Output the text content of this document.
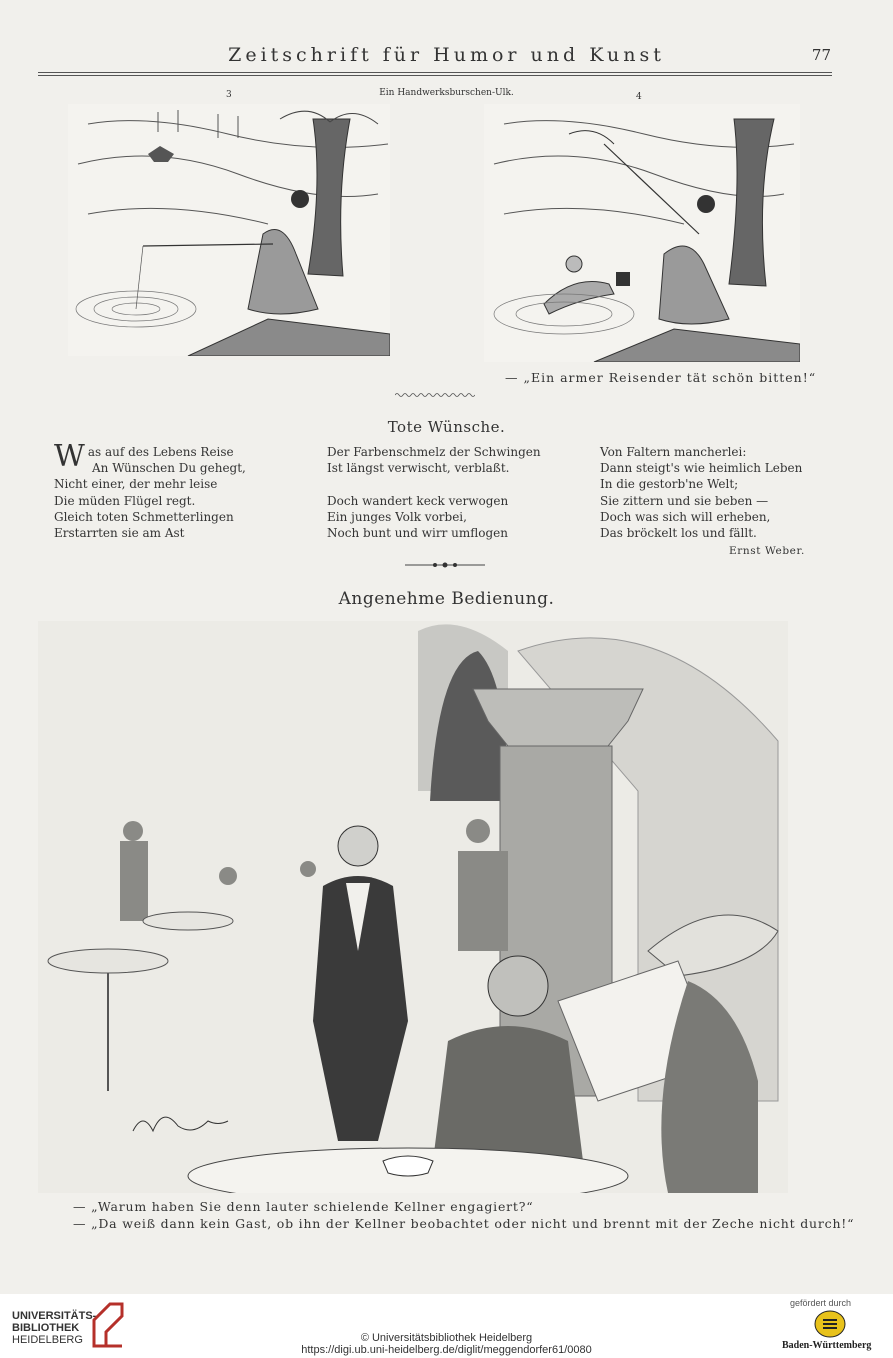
Zeitschrift für Humor und Kunst	77
3	Ein Handwerksburschen-Ulk.	4
— „Ein armer Reisender tät schön bitten!“
Tote Wünsche.
W as auf des Lebens Reise
An Wünschen Du gehegt,
Nicht einer, der mehr leise
Die müden Flügel regt.
Gleich toten Schmetterlingen
Erstarrten sie am Ast
Der Farbenschmelz der Schwingen
Ist längst verwischt, verblaßt.
Doch wandert keck verwogen
Ein junges Volk vorbei,
Noch bunt und wirr umflogen
Von Faltern mancherlei:
Dann steigt's wie heimlich Leben
In die gestorb'ne Welt;
Sie zittern und sie beben —
Doch was sich will erheben,
Das bröckelt los und fällt.
Ernst Weber.
Angenehme Bedienung.
— „Warum haben Sie denn lauter schielende Kellner engagiert?“
— „Da weiß dann kein Gast, ob ihn der Kellner beobachtet oder nicht und brennt mit der Zeche nicht durch!“
UNIVERSITÄTS-
BIBLIOTHEK
HEIDELBERG	© Universitätsbibliothek Heidelberg
https://digi.ub.uni-heidelberg.de/diglit/meggendorfer61/0080
gefördert durch
Baden-Württemberg
